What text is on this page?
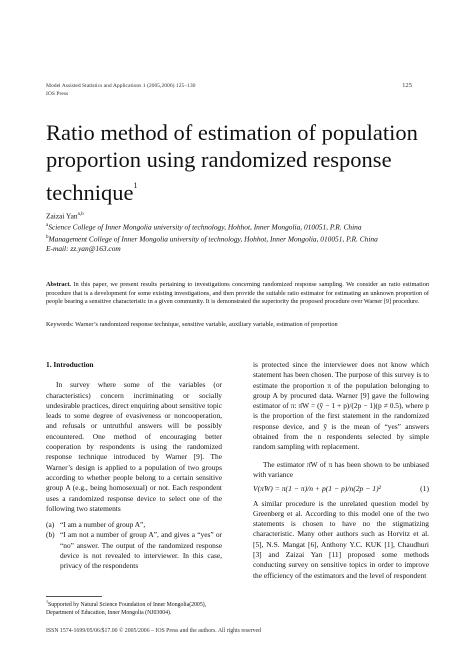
Model Assisted Statistics and Applications 1 (2005,2006) 125–130
IOS Press
125
Ratio method of estimation of population proportion using randomized response technique$^1$
Zaizai Yan$^{a,b}$
$^a$Science College of Inner Mongolia university of technology, Hohhot, Inner Mongolia, 010051, P.R. China
$^b$Management College of Inner Mongolia university of technology, Hohhot, Inner Mongolia, 010051, P.R. China
E-mail: zz.yan@163.com
Abstract. In this paper, we present results pertaining to investigations concerning randomized response sampling. We consider an ratio estimation procedure that is a development for some existing investigations, and then provide the suitable ratio estimator for estimating an unknown proportion of people bearing a sensitive characteristic in a given community. It is demonstrated the superiority the proposed procedure over Warner [9] procedure.
Keywords: Warner’s randomized response technique, sensitive variable, auxiliary variable, estimation of proportion
1. Introduction

In survey where some of the variables (or characteristics) concern incriminating or socially undesirable practices, direct enquiring about sensitive topic leads to some degree of evasiveness or noncooperation, and refusals or untruthful answers will be possibly encountered. One method of encouraging better cooperation by respondents is using the randomized response technique introduced by Warner [9]. The Warner’s design is applied to a population of two groups according to whether people belong to a certain sensitive group A (e.g., being homosexual) or not. Each respondent uses a randomized response device to select one of the following two statements

(a) “I am a number of group A”,
(b) “I am not a number of group A”, and gives a “yes” or “no” answer. The output of the randomized response device is not revealed to interviewer. In this case, privacy of the respondents

is protected since the interviewer does not know which statement has been chosen. The purpose of this survey is to estimate the proportion π of the population belonging to group A by procured data. Warner [9] gave the following estimator of π: π̂W = (ȳ − 1 + p)/(2p − 1)(p ≠ 0.5), where p is the proportion of the first statement in the randomized response device, and ȳ is the mean of “yes” answers obtained from the n respondents selected by simple random sampling with replacement.

The estimator π̂W of π has been shown to be unbiased with variance

V(π̂W) = π(1 − π)/n + p(1 − p)/n(2p − 1)²	(1)

A similar procedure is the unrelated question model by Greenberg et al. According to this model one of the two statements is chosen to have no the stigmatizing characteristic. Many other authors such as Horvitz et al. [5], N.S. Mangat [6], Anthony Y.C. KUK [1], Chaudhuri [3] and Zaizai Yan [11] proposed some methods conducting survey on sensitive topics in order to improve the efficiency of the estimators and the level of respondent

$^1$Supported by Natural Science Foundation of Inner Mongolia(2005), Department of Education, Inner Mongolia (NJ03004).
ISSN 1574-1699/05/06/$17.00 © 2005/2006 – IOS Press and the authors. All rights reserved
